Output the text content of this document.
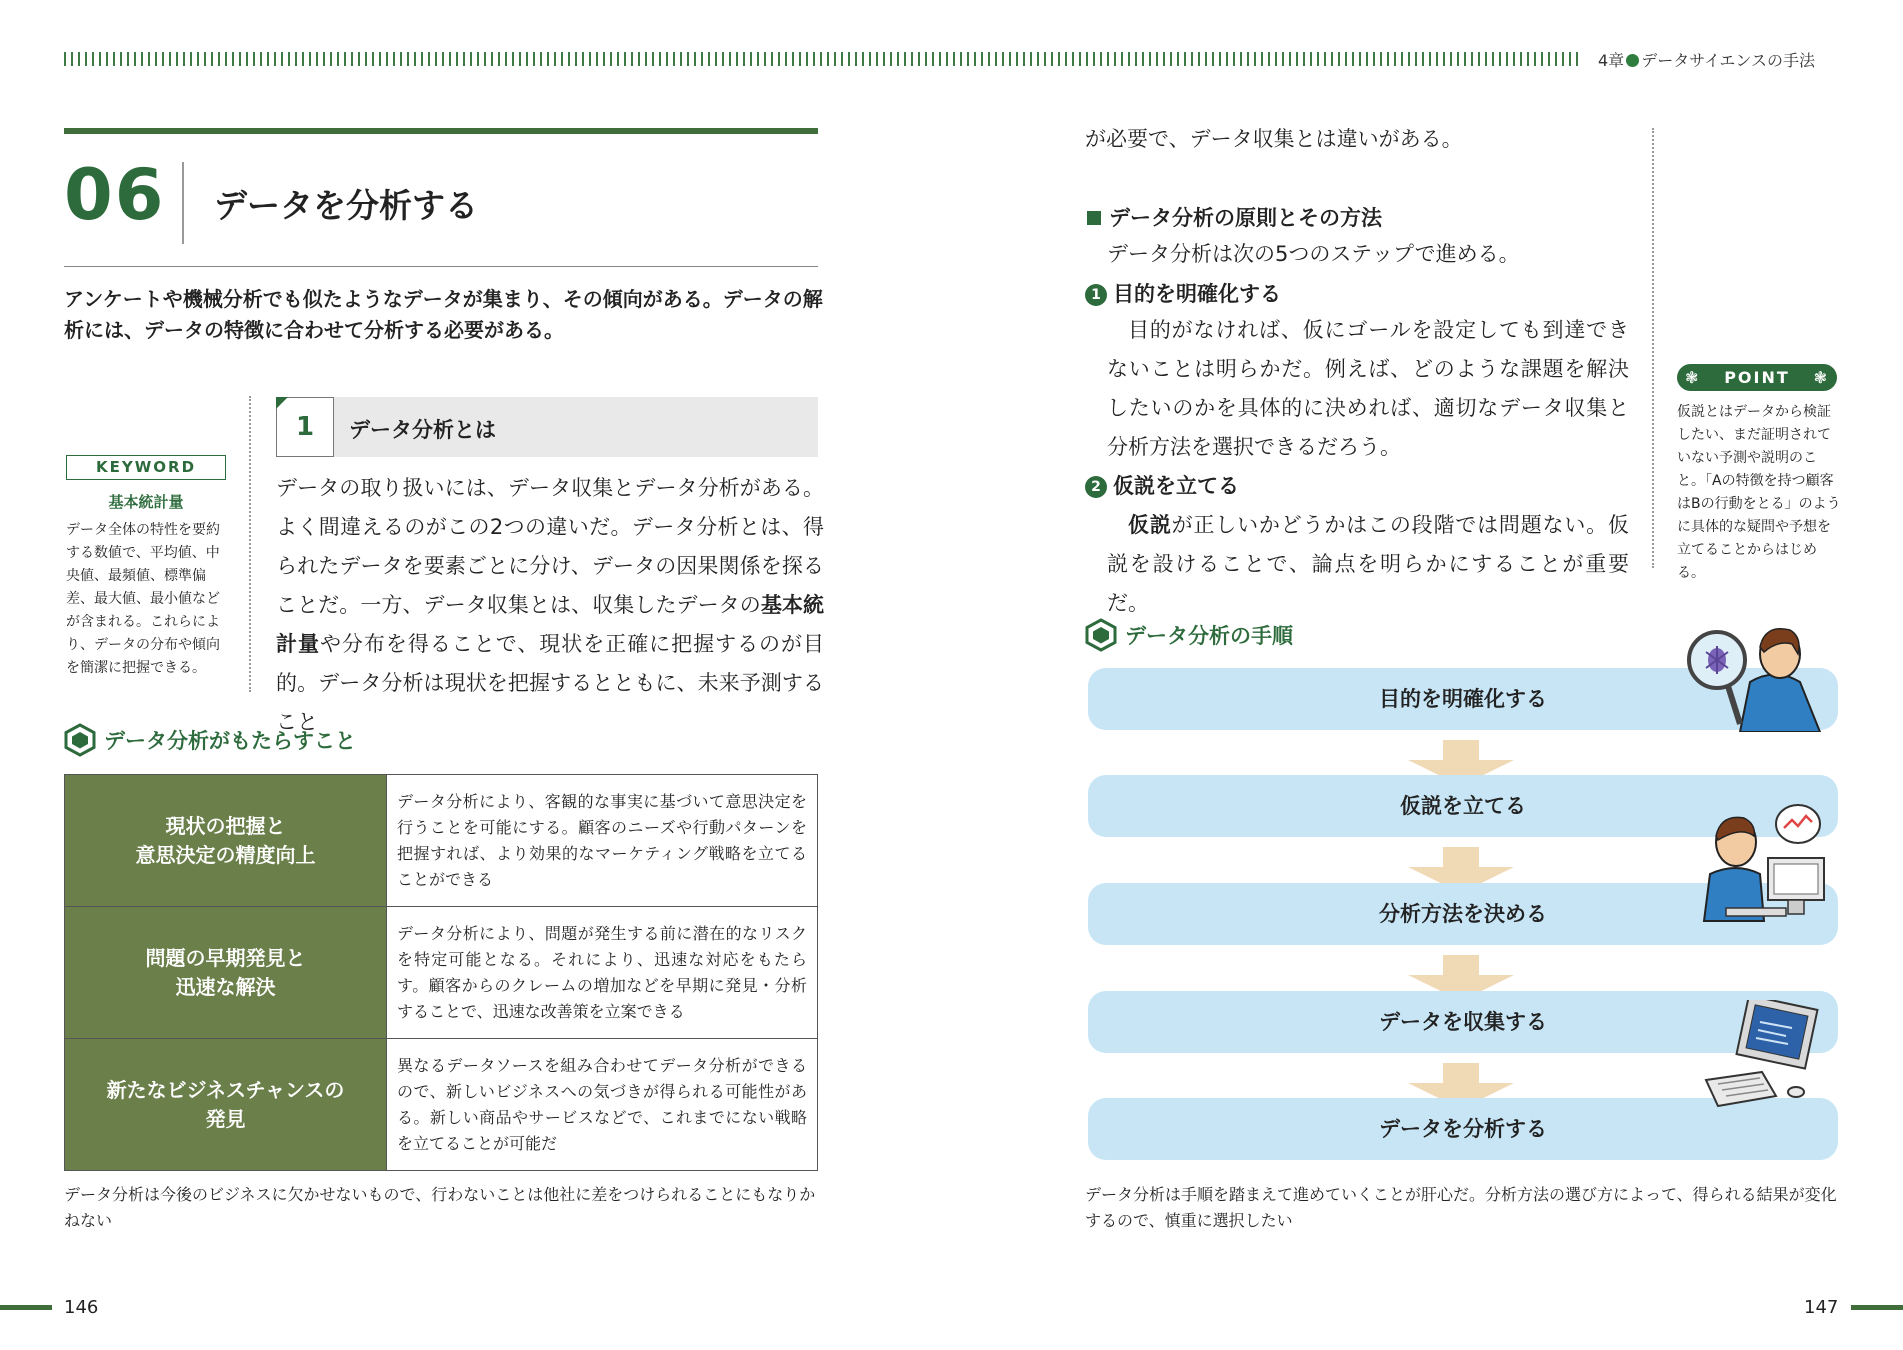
4章 データサイエンスの手法
06 データを分析する
アンケートや機械分析でも似たようなデータが集まり、その傾向がある。データの解析には、データの特徴に合わせて分析する必要がある。
KEYWORD
基本統計量
データ全体の特性を要約する数値で、平均値、中央値、最頻値、標準偏差、最大値、最小値などが含まれる。これらにより、データの分布や傾向を簡潔に把握できる。
1	データ分析とは
データの取り扱いには、データ収集とデータ分析がある。よく間違えるのがこの2つの違いだ。データ分析とは、得られたデータを要素ごとに分け、データの因果関係を探ることだ。一方、データ収集とは、収集したデータの基本統計量や分布を得ることで、現状を正確に把握するのが目的。データ分析は現状を把握するとともに、未来予測すること
データ分析がもたらすこと
現状の把握と
意思決定の精度向上	データ分析により、客観的な事実に基づいて意思決定を行うことを可能にする。顧客のニーズや行動パターンを把握すれば、より効果的なマーケティング戦略を立てることができる
問題の早期発見と
迅速な解決	データ分析により、問題が発生する前に潜在的なリスクを特定可能となる。それにより、迅速な対応をもたらす。顧客からのクレームの増加などを早期に発見・分析することで、迅速な改善策を立案できる
新たなビジネスチャンスの
発見	異なるデータソースを組み合わせてデータ分析ができるので、新しいビジネスへの気づきが得られる可能性がある。新しい商品やサービスなどで、これまでにない戦略を立てることが可能だ
データ分析は今後のビジネスに欠かせないもので、行わないことは他社に差をつけられることにもなりかねない
146
が必要で、データ収集とは違いがある。
データ分析の原則とその方法
データ分析は次の5つのステップで進める。
1 目的を明確化する
目的がなければ、仮にゴールを設定しても到達できないことは明らかだ。例えば、どのような課題を解決したいのかを具体的に決めれば、適切なデータ収集と分析方法を選択できるだろう。
2 仮説を立てる
仮説が正しいかどうかはこの段階では問題ない。仮説を設けることで、論点を明らかにすることが重要だ。
❃ POINT ❃
仮説とはデータから検証したい、まだ証明されていない予測や説明のこと。「Aの特徴を持つ顧客はBの行動をとる」のように具体的な疑問や予想を立てることからはじめる。
データ分析の手順
目的を明確化する
仮説を立てる
分析方法を決める
データを収集する
データを分析する
データ分析は手順を踏まえて進めていくことが肝心だ。分析方法の選び方によって、得られる結果が変化するので、慎重に選択したい
147
